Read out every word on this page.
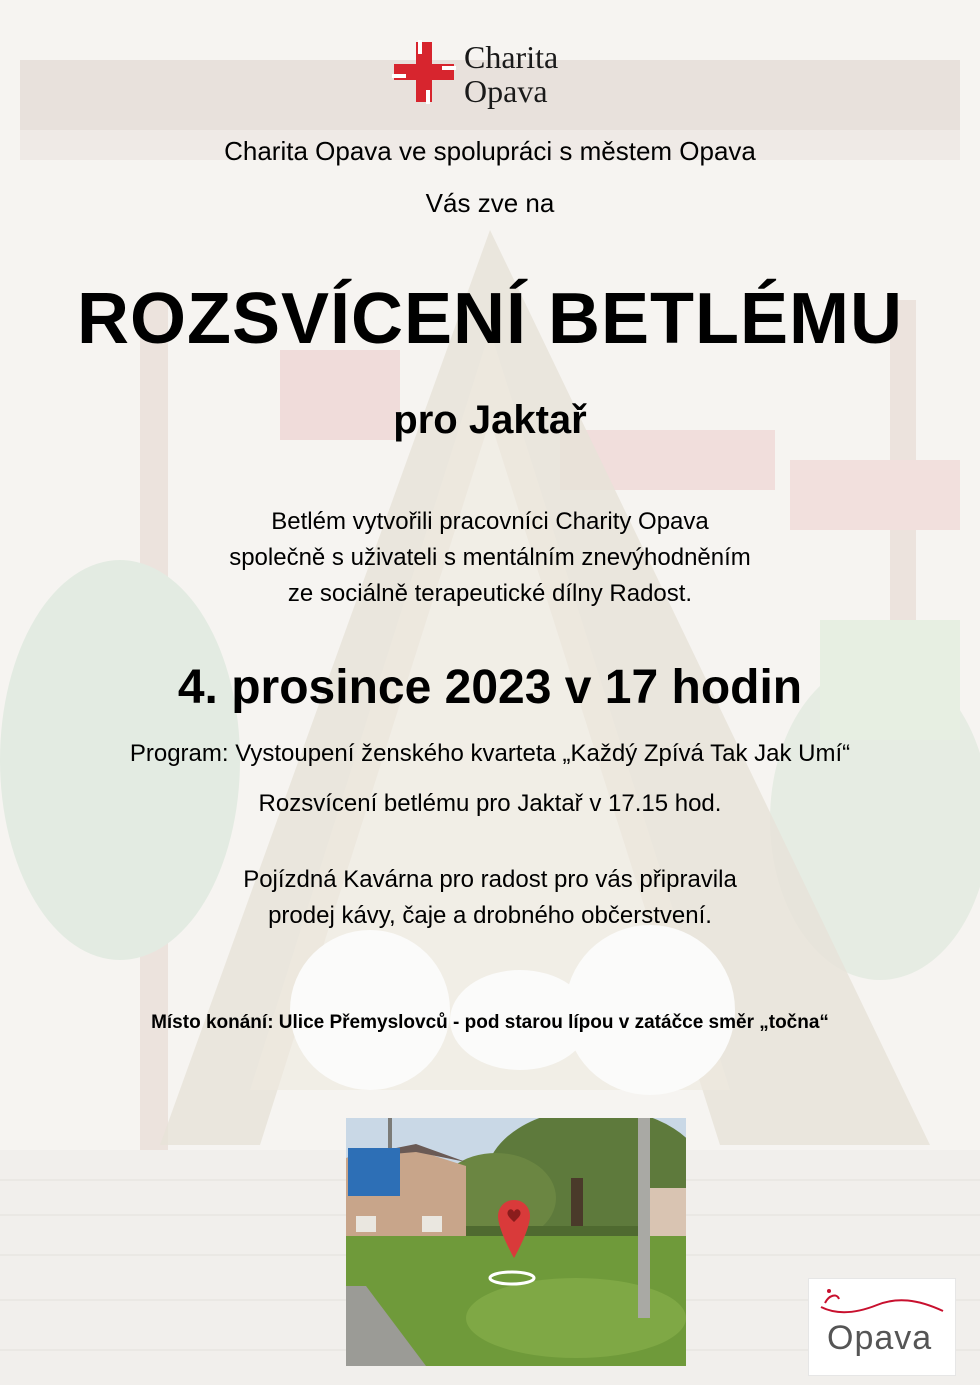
Charita
Opava
Charita Opava ve spolupráci s městem Opava
Vás zve na
ROZSVÍCENÍ BETLÉMU
pro Jaktař
Betlém vytvořili pracovníci Charity Opava
společně s uživateli s mentálním znevýhodněním
ze sociálně terapeutické dílny Radost.
4. prosince 2023 v 17 hodin
Program: Vystoupení ženského kvarteta „Každý Zpívá Tak Jak Umí“
Rozsvícení betlému pro Jaktař v 17.15 hod.
Pojízdná Kavárna pro radost pro vás připravila
prodej kávy, čaje a drobného občerstvení.
Místo konání: Ulice Přemyslovců - pod starou lípou v zatáčce směr „točna“
Opava
